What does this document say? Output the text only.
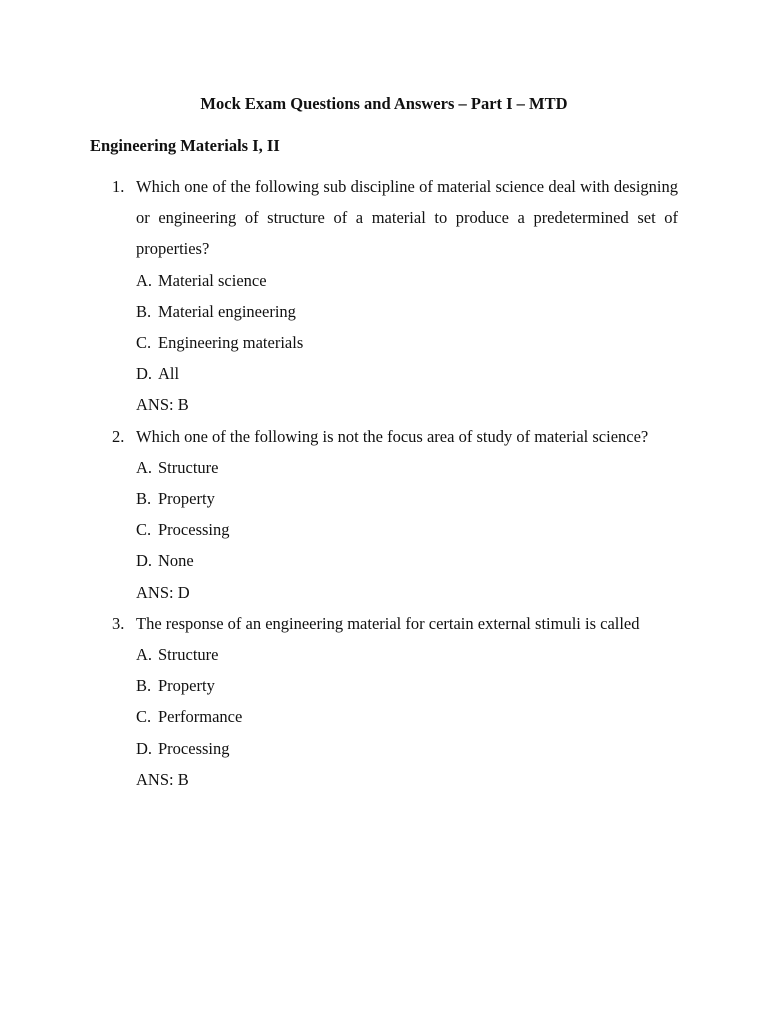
Mock Exam Questions and Answers – Part I – MTD
Engineering Materials I, II
1. Which one of the following sub discipline of material science deal with designing or engineering of structure of a material to produce a predetermined set of properties?
A. Material science
B. Material engineering
C. Engineering materials
D. All
ANS: B
2. Which one of the following is not the focus area of study of material science?
A. Structure
B. Property
C. Processing
D. None
ANS: D
3. The response of an engineering material for certain external stimuli is called
A. Structure
B. Property
C. Performance
D. Processing
ANS: B
